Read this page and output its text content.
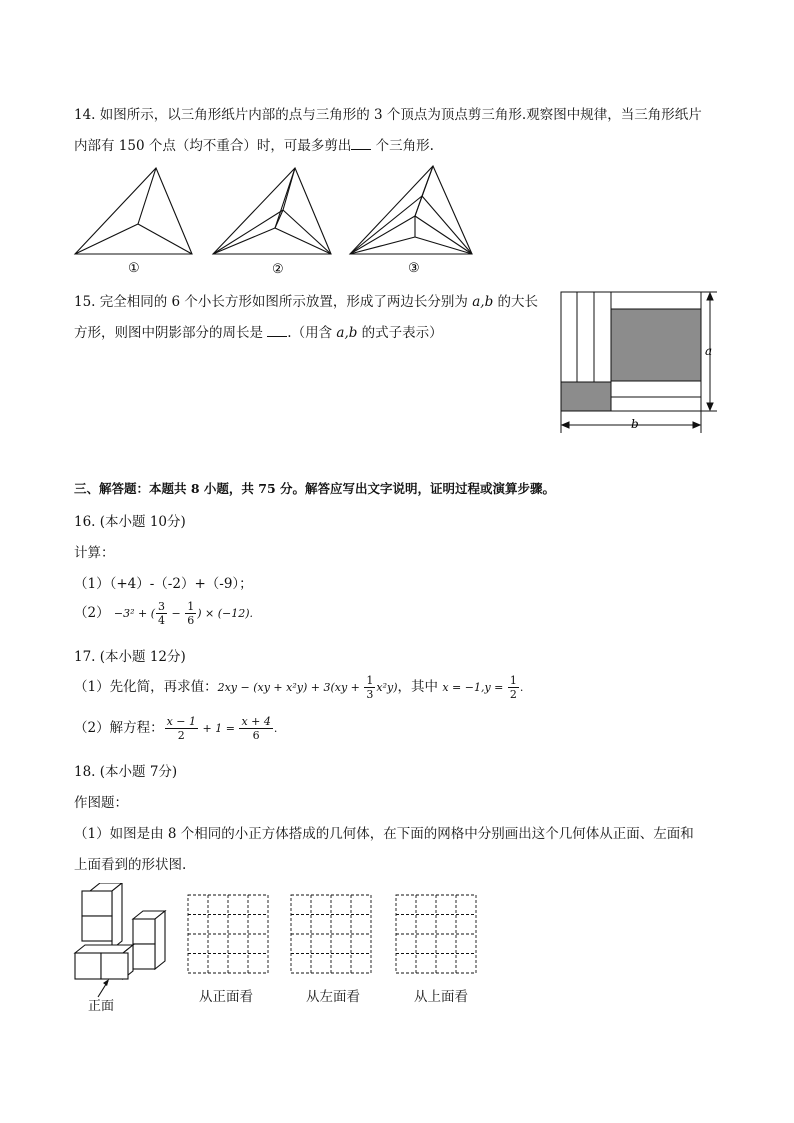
14. 如图所示，以三角形纸片内部的点与三角形的 3 个顶点为顶点剪三角形.观察图中规律，当三角形纸片
内部有 150 个点（均不重合）时，可最多剪出 个三角形.
①	②	③
15. 完全相同的 6 个小长方形如图所示放置，形成了两边长分别为 a,b 的大长
方形，则图中阴影部分的周长是 .（用含 a,b 的式子表示）
a
b
三、解答题：本题共 8 小题，共 75 分。解答应写出文字说明，证明过程或演算步骤。
16. (本小题 10分)
计算：
（1）（+4）-（-2）+（-9）；
（2） −3² + ( $\frac{3}{4} - \frac{1}{6}$ ) × (−12).
17. (本小题 12分)
（1）先化简，再求值：$2xy - (xy + x^2y) + 3(xy + \frac{1}{3} x^2y)$，其中 $x = -1,y = \frac{1}{2}$ .
（2）解方程： $\frac{x - 1}{2} + 1 = \frac{x + 4}{6}$ .
18. (本小题 7分)
作图题：
（1）如图是由 8 个相同的小正方体搭成的几何体，在下面的网格中分别画出这个几何体从正面、左面和
上面看到的形状图.
正面
从正面看	从左面看	从上面看
